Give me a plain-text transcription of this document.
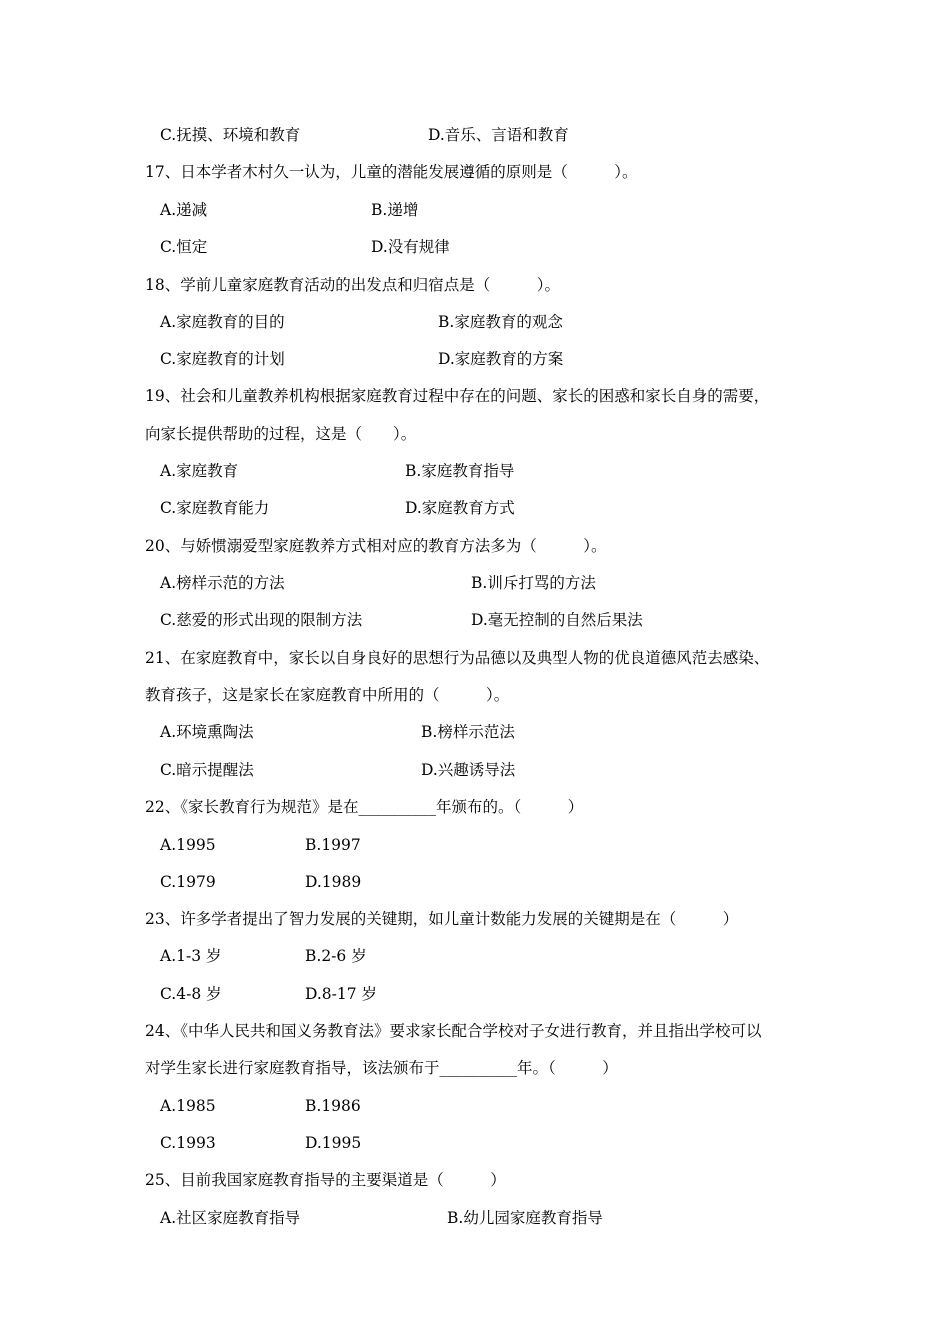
C.抚摸、环境和教育	D.音乐、言语和教育
17、日本学者木村久一认为，儿童的潜能发展遵循的原则是（　　　）。
A.递减	B.递增
C.恒定	D.没有规律
18、学前儿童家庭教育活动的出发点和归宿点是（　　　）。
A.家庭教育的目的	B.家庭教育的观念
C.家庭教育的计划	D.家庭教育的方案
19、社会和儿童教养机构根据家庭教育过程中存在的问题、家长的困惑和家长自身的需要，
向家长提供帮助的过程，这是（　　）。
A.家庭教育	B.家庭教育指导
C.家庭教育能力	D.家庭教育方式
20、与娇惯溺爱型家庭教养方式相对应的教育方法多为（　　　）。
A.榜样示范的方法	B.训斥打骂的方法
C.慈爱的形式出现的限制方法	D.毫无控制的自然后果法
21、在家庭教育中，家长以自身良好的思想行为品德以及典型人物的优良道德风范去感染、
教育孩子，这是家长在家庭教育中所用的（　　　）。
A.环境熏陶法	B.榜样示范法
C.暗示提醒法	D.兴趣诱导法
22、《家长教育行为规范》是在__________年颁布的。（　　　）
A.1995	B.1997
C.1979	D.1989
23、许多学者提出了智力发展的关键期，如儿童计数能力发展的关键期是在（　　　）
A.1-3 岁	B.2-6 岁
C.4-8 岁	D.8-17 岁
24、《中华人民共和国义务教育法》要求家长配合学校对子女进行教育，并且指出学校可以
对学生家长进行家庭教育指导，该法颁布于__________年。（　　　）
A.1985	B.1986
C.1993	D.1995
25、目前我国家庭教育指导的主要渠道是（　　　）
A.社区家庭教育指导	B.幼儿园家庭教育指导
